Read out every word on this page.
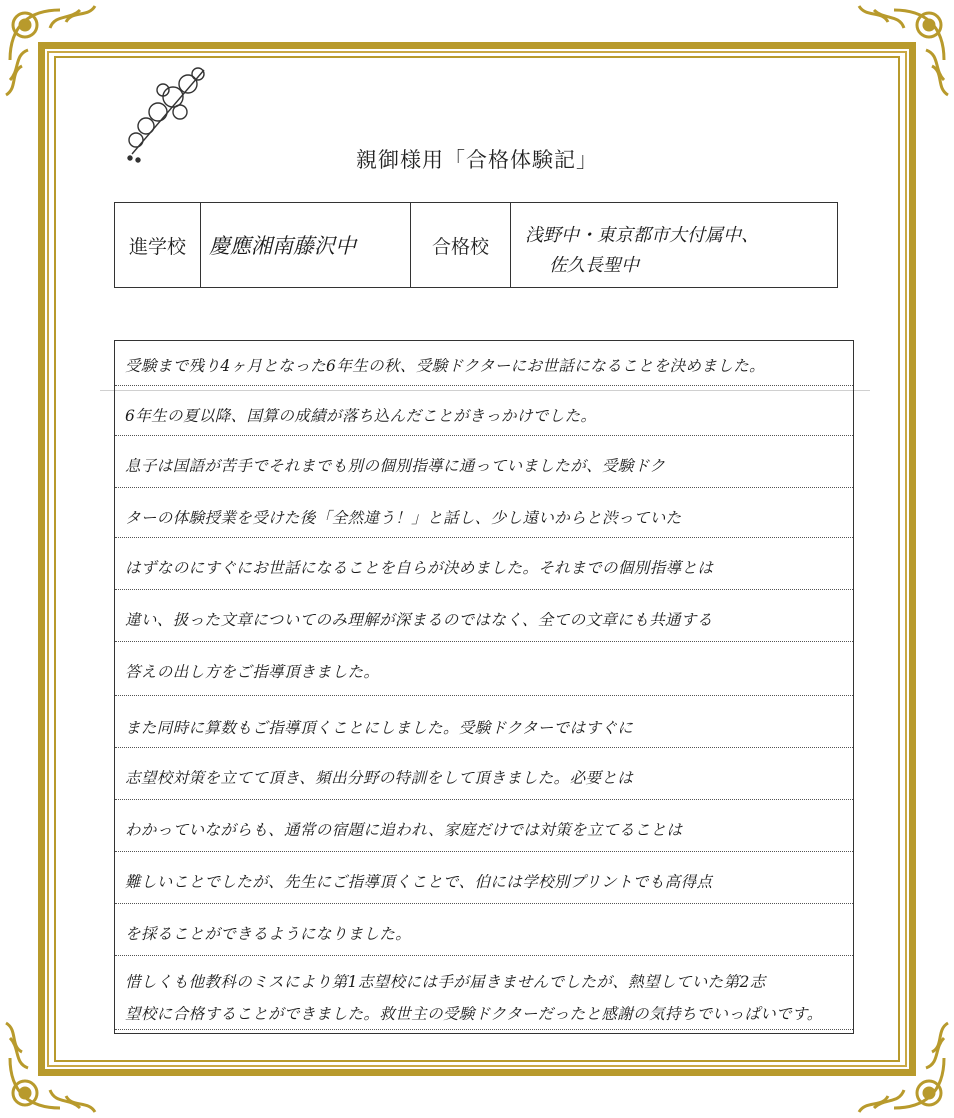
親御様用「合格体験記」
進学校	慶應湘南藤沢中	合格校	浅野中・東京都市大付属中、
佐久長聖中
受験まで残り4ヶ月となった6年生の秋、受験ドクターにお世話になることを決めました。
6年生の夏以降、国算の成績が落ち込んだことがきっかけでした。
息子は国語が苦手でそれまでも別の個別指導に通っていましたが、受験ドク
ターの体験授業を受けた後「全然違う！」と話し、少し遠いからと渋っていた
はずなのにすぐにお世話になることを自らが決めました。それまでの個別指導とは
違い、扱った文章についてのみ理解が深まるのではなく、全ての文章にも共通する
答えの出し方をご指導頂きました。
また同時に算数もご指導頂くことにしました。受験ドクターではすぐに
志望校対策を立てて頂き、頻出分野の特訓をして頂きました。必要とは
わかっていながらも、通常の宿題に追われ、家庭だけでは対策を立てることは
難しいことでしたが、先生にご指導頂くことで、伯には学校別プリントでも高得点
を採ることができるようになりました。
惜しくも他教科のミスにより第1志望校には手が届きませんでしたが、熱望していた第2志
望校に合格することができました。救世主の受験ドクターだったと感謝の気持ちでいっぱいです。
